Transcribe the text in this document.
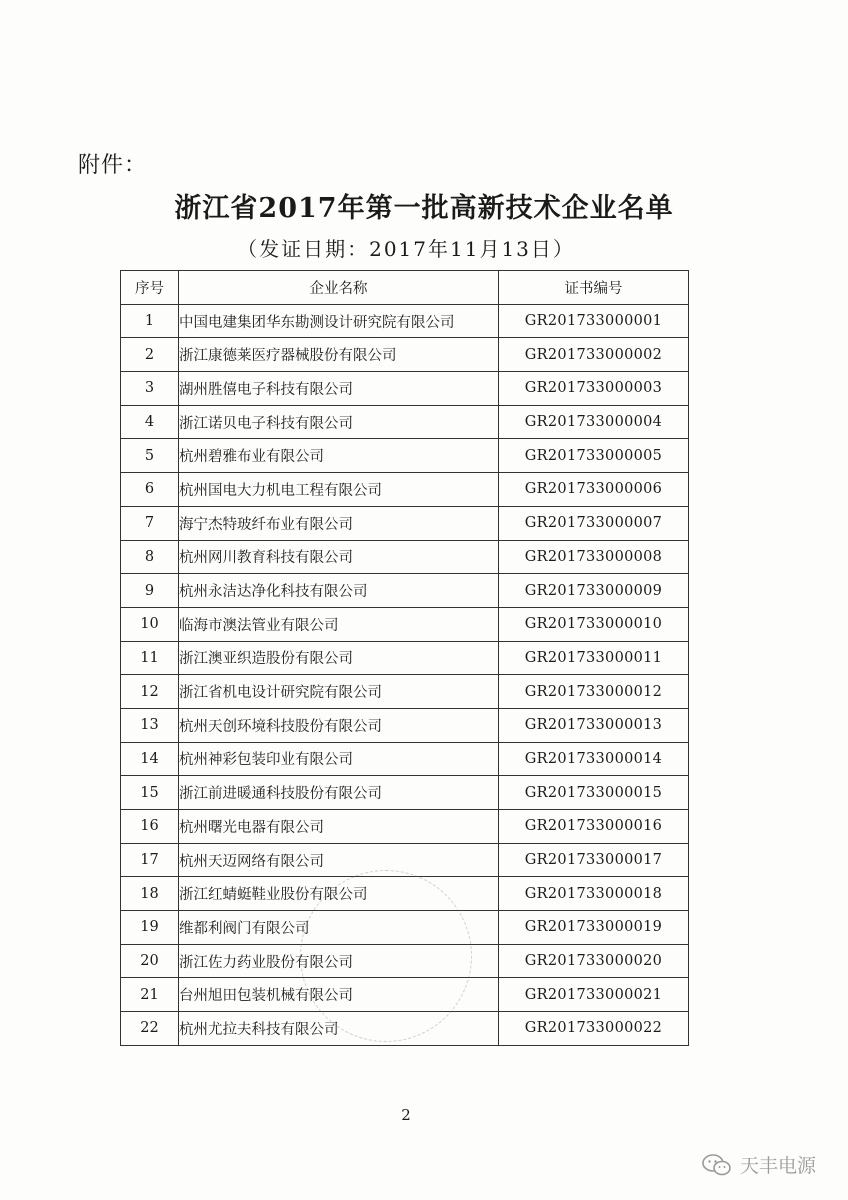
附件：
浙江省2017年第一批高新技术企业名单
（发证日期：2017年11月13日）
序号	企业名称	证书编号
1	中国电建集团华东勘测设计研究院有限公司	GR201733000001
2	浙江康德莱医疗器械股份有限公司	GR201733000002
3	湖州胜僖电子科技有限公司	GR201733000003
4	浙江诺贝电子科技有限公司	GR201733000004
5	杭州碧雅布业有限公司	GR201733000005
6	杭州国电大力机电工程有限公司	GR201733000006
7	海宁杰特玻纤布业有限公司	GR201733000007
8	杭州网川教育科技有限公司	GR201733000008
9	杭州永洁达净化科技有限公司	GR201733000009
10	临海市澳法管业有限公司	GR201733000010
11	浙江澳亚织造股份有限公司	GR201733000011
12	浙江省机电设计研究院有限公司	GR201733000012
13	杭州天创环境科技股份有限公司	GR201733000013
14	杭州神彩包装印业有限公司	GR201733000014
15	浙江前进暖通科技股份有限公司	GR201733000015
16	杭州曙光电器有限公司	GR201733000016
17	杭州天迈网络有限公司	GR201733000017
18	浙江红蜻蜓鞋业股份有限公司	GR201733000018
19	维都利阀门有限公司	GR201733000019
20	浙江佐力药业股份有限公司	GR201733000020
21	台州旭田包装机械有限公司	GR201733000021
22	杭州尤拉夫科技有限公司	GR201733000022
2
天丰电源
